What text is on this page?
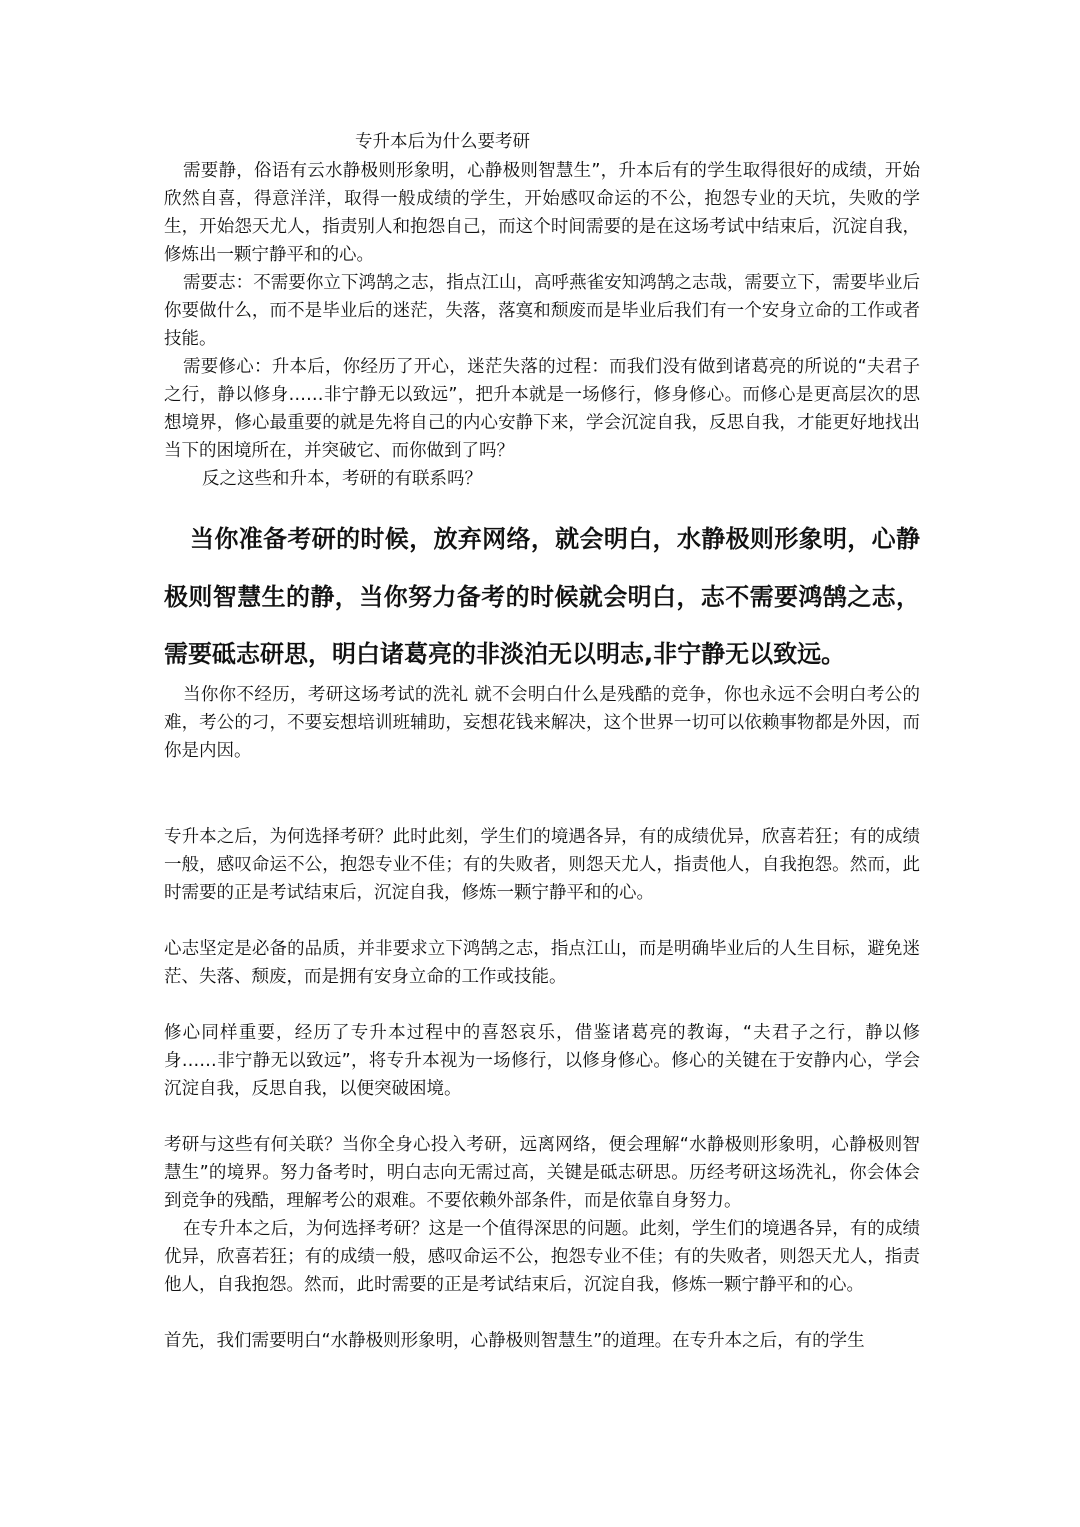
专升本后为什么要考研

需要静，俗语有云水静极则形象明，心静极则智慧生”，升本后有的学生取得很好的成绩，开始欣然自喜，得意洋洋，取得一般成绩的学生，开始感叹命运的不公，抱怨专业的天坑，失败的学生，开始怨天尤人，指责别人和抱怨自己，而这个时间需要的是在这场考试中结束后，沉淀自我，修炼出一颗宁静平和的心。

需要志：不需要你立下鸿鹄之志，指点江山，高呼燕雀安知鸿鹄之志哉，需要立下，需要毕业后你要做什么，而不是毕业后的迷茫，失落，落寞和颓废而是毕业后我们有一个安身立命的工作或者技能。

需要修心：升本后，你经历了开心，迷茫失落的过程：而我们没有做到诸葛亮的所说的“夫君子之行，静以修身……非宁静无以致远”，把升本就是一场修行，修身修心。而修心是更高层次的思想境界，修心最重要的就是先将自己的内心安静下来，学会沉淀自我，反思自我，才能更好地找出当下的困境所在，并突破它、而你做到了吗？

反之这些和升本，考研的有联系吗？

当你准备考研的时候，放弃网络，就会明白，水静极则形象明，心静极则智慧生的静，当你努力备考的时候就会明白，志不需要鸿鹄之志，需要砥志研思，明白诸葛亮的非淡泊无以明志,非宁静无以致远。

当你你不经历，考研这场考试的洗礼 就不会明白什么是残酷的竞争，你也永远不会明白考公的难，考公的刁，不要妄想培训班辅助，妄想花钱来解决，这个世界一切可以依赖事物都是外因，而你是内因。

专升本之后，为何选择考研？此时此刻，学生们的境遇各异，有的成绩优异，欣喜若狂；有的成绩一般，感叹命运不公，抱怨专业不佳；有的失败者，则怨天尤人，指责他人，自我抱怨。然而，此时需要的正是考试结束后，沉淀自我，修炼一颗宁静平和的心。

心志坚定是必备的品质，并非要求立下鸿鹄之志，指点江山，而是明确毕业后的人生目标，避免迷茫、失落、颓废，而是拥有安身立命的工作或技能。

修心同样重要，经历了专升本过程中的喜怒哀乐，借鉴诸葛亮的教诲，“夫君子之行，静以修身……非宁静无以致远”，将专升本视为一场修行，以修身修心。修心的关键在于安静内心，学会沉淀自我，反思自我，以便突破困境。

考研与这些有何关联？当你全身心投入考研，远离网络，便会理解“水静极则形象明，心静极则智慧生”的境界。努力备考时，明白志向无需过高，关键是砥志研思。历经考研这场洗礼，你会体会到竞争的残酷，理解考公的艰难。不要依赖外部条件，而是依靠自身努力。

在专升本之后，为何选择考研？这是一个值得深思的问题。此刻，学生们的境遇各异，有的成绩优异，欣喜若狂；有的成绩一般，感叹命运不公，抱怨专业不佳；有的失败者，则怨天尤人，指责他人，自我抱怨。然而，此时需要的正是考试结束后，沉淀自我，修炼一颗宁静平和的心。

首先，我们需要明白“水静极则形象明，心静极则智慧生”的道理。在专升本之后，有的学生
